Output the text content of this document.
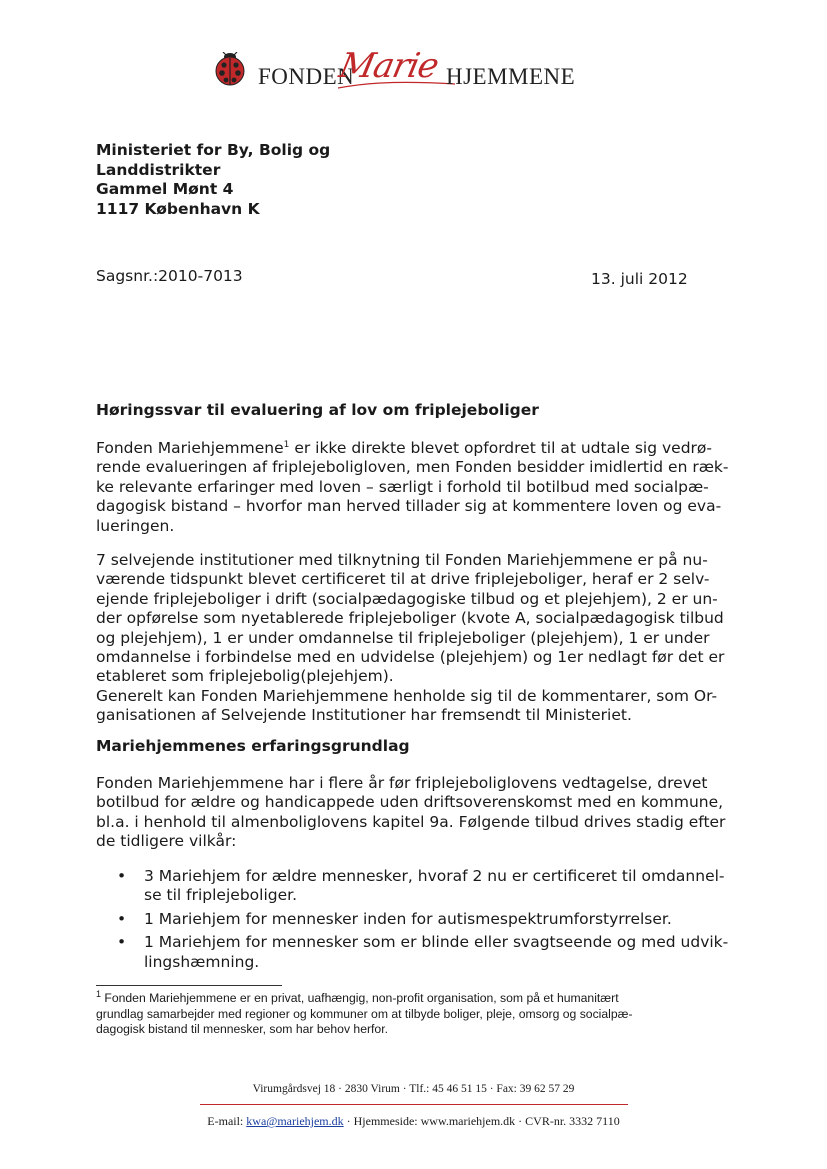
FONDEN
Marie HJEMMENE
Ministeriet for By, Bolig og
Landdistrikter
Gammel Mønt 4
1117 København K
Sagsnr.:2010-7013	13. juli 2012
Høringssvar til evaluering af lov om friplejeboliger
Fonden Mariehjemmene$^1$ er ikke direkte blevet opfordret til at udtale sig vedrø-
rende evalueringen af friplejeboligloven, men Fonden besidder imidlertid en ræk-
ke relevante erfaringer med loven – særligt i forhold til botilbud med socialpæ-
dagogisk bistand – hvorfor man herved tillader sig at kommentere loven og eva-
lueringen.
7 selvejende institutioner med tilknytning til Fonden Mariehjemmene er på nu-
værende tidspunkt blevet certificeret til at drive friplejeboliger, heraf er 2 selv-
ejende friplejeboliger i drift (socialpædagogiske tilbud og et plejehjem), 2 er un-
der opførelse som nyetablerede friplejeboliger (kvote A, socialpædagogisk tilbud
og plejehjem), 1 er under omdannelse til friplejeboliger (plejehjem), 1 er under
omdannelse i forbindelse med en udvidelse (plejehjem) og 1er nedlagt før det er
etableret som friplejebolig(plejehjem).
Generelt kan Fonden Mariehjemmene henholde sig til de kommentarer, som Or-
ganisationen af Selvejende Institutioner har fremsendt til Ministeriet.
Mariehjemmenes erfaringsgrundlag
Fonden Mariehjemmene har i flere år før friplejeboliglovens vedtagelse, drevet
botilbud for ældre og handicappede uden driftsoverenskomst med en kommune,
bl.a. i henhold til almenboliglovens kapitel 9a. Følgende tilbud drives stadig efter
de tidligere vilkår:
• 3 Mariehjem for ældre mennesker, hvoraf 2 nu er certificeret til omdannel-
se til friplejeboliger.
• 1 Mariehjem for mennesker inden for autismespektrumforstyrrelser.
• 1 Mariehjem for mennesker som er blinde eller svagtseende og med udvik-
lingshæmning.
$^1$ Fonden Mariehjemmene er en privat, uafhængig, non-profit organisation, som på et humanitært
grundlag samarbejder med regioner og kommuner om at tilbyde boliger, pleje, omsorg og socialpæ-
dagogisk bistand til mennesker, som har behov herfor.
Virumgårdsvej 18 · 2830 Virum · Tlf.: 45 46 51 15 · Fax: 39 62 57 29
E-mail: kwa@mariehjem.dk · Hjemmeside: www.mariehjem.dk · CVR-nr. 3332 7110
